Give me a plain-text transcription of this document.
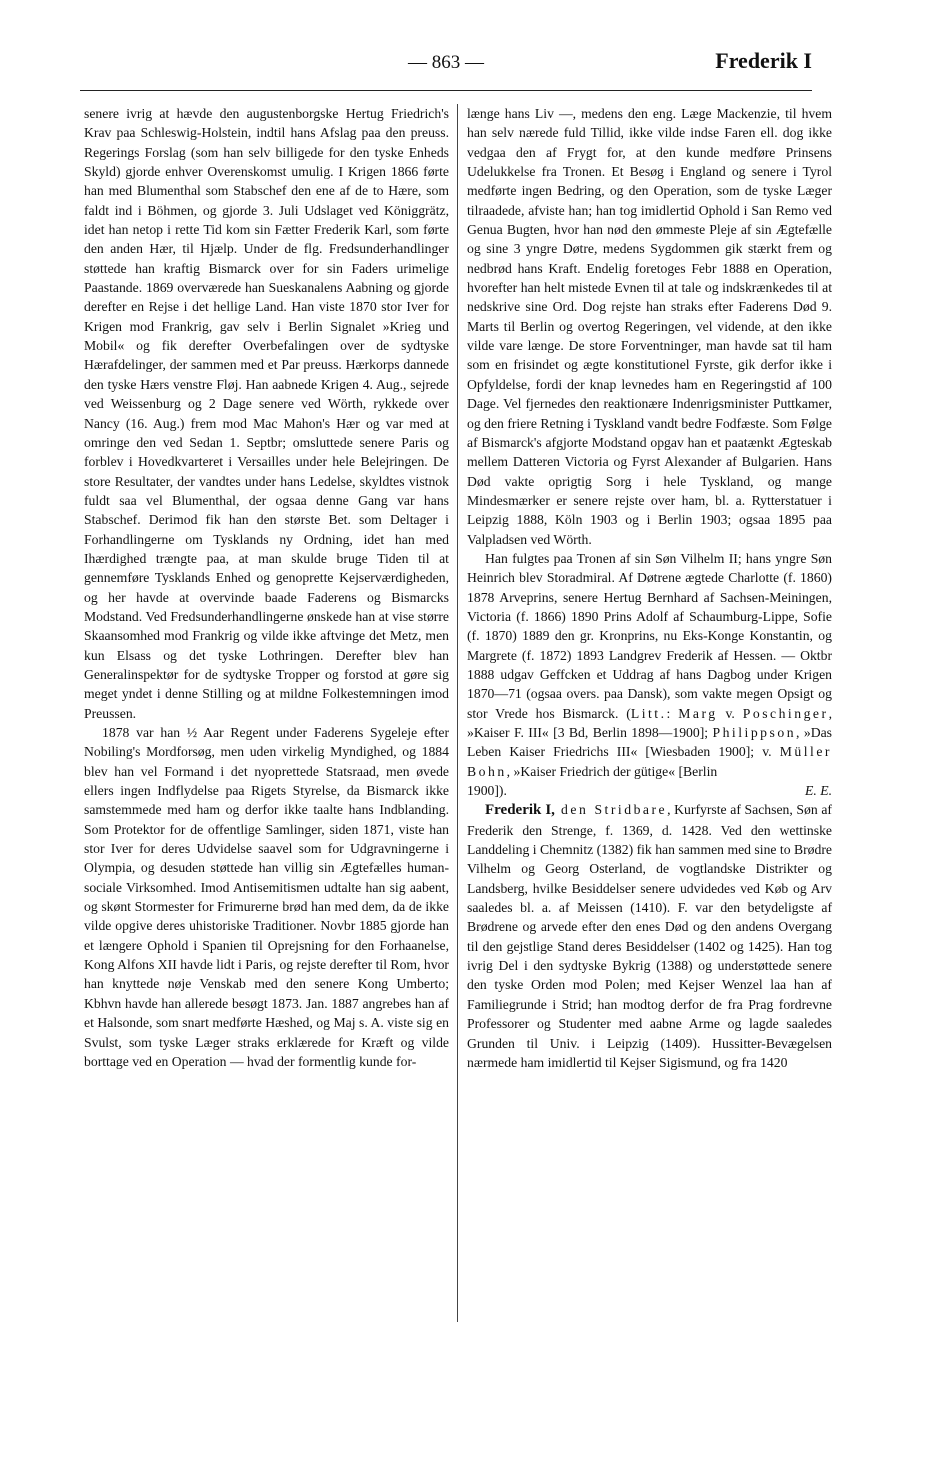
— 863 —	Frederik I

senere ivrig at hævde den augustenborgske Hertug Friedrich's Krav paa Schleswig-Holstein, indtil hans Afslag paa den preuss. Regerings Forslag (som han selv billigede for den tyske Enheds Skyld) gjorde enhver Overenskomst umulig. I Krigen 1866 førte han med Blumenthal som Stabschef den ene af de to Hære, som faldt ind i Böhmen, og gjorde 3. Juli Udslaget ved Königgrätz, idet han netop i rette Tid kom sin Fætter Frederik Karl, som førte den anden Hær, til Hjælp. Under de flg. Fredsunderhandlinger støttede han kraftig Bismarck over for sin Faders urimelige Paastande. 1869 overværede han Sueskanalens Aabning og gjorde derefter en Rejse i det hellige Land. Han viste 1870 stor Iver for Krigen mod Frankrig, gav selv i Berlin Signalet »Krieg und Mobil« og fik derefter Overbefalingen over de sydtyske Hærafdelinger, der sammen med et Par preuss. Hærkorps dannede den tyske Hærs venstre Fløj. Han aabnede Krigen 4. Aug., sejrede ved Weissenburg og 2 Dage senere ved Wörth, rykkede over Nancy (16. Aug.) frem mod Mac Mahon's Hær og var med at omringe den ved Sedan 1. Septbr; omsluttede senere Paris og forblev i Hovedkvarteret i Versailles under hele Belejringen. De store Resultater, der vandtes under hans Ledelse, skyldtes vistnok fuldt saa vel Blumenthal, der ogsaa denne Gang var hans Stabschef. Derimod fik han den største Bet. som Deltager i Forhandlingerne om Tysklands ny Ordning, idet han med Ihærdighed trængte paa, at man skulde bruge Tiden til at gennemføre Tysklands Enhed og genoprette Kejserværdigheden, og her havde at overvinde baade Faderens og Bismarcks Modstand. Ved Fredsunderhandlingerne ønskede han at vise større Skaansomhed mod Frankrig og vilde ikke aftvinge det Metz, men kun Elsass og det tyske Lothringen. Derefter blev han Generalinspektør for de sydtyske Tropper og forstod at gøre sig meget yndet i denne Stilling og at mildne Folkestemningen imod Preussen.

1878 var han ½ Aar Regent under Faderens Sygeleje efter Nobiling's Mordforsøg, men uden virkelig Myndighed, og 1884 blev han vel Formand i det nyoprettede Statsraad, men øvede ellers ingen Indflydelse paa Rigets Styrelse, da Bismarck ikke samstemmede med ham og derfor ikke taalte hans Indblanding. Som Protektor for de offentlige Samlinger, siden 1871, viste han stor Iver for deres Udvidelse saavel som for Udgravningerne i Olympia, og desuden støttede han villig sin Ægtefælles human-sociale Virksomhed. Imod Antisemitismen udtalte han sig aabent, og skønt Stormester for Frimurerne brød han med dem, da de ikke vilde opgive deres uhistoriske Traditioner. Novbr 1885 gjorde han et længere Ophold i Spanien til Oprejsning for den Forhaanelse, Kong Alfons XII havde lidt i Paris, og rejste derefter til Rom, hvor han knyttede nøje Venskab med den senere Kong Umberto; Kbhvn havde han allerede besøgt 1873. Jan. 1887 angrebes han af et Halsonde, som snart medførte Hæshed, og Maj s. A. viste sig en Svulst, som tyske Læger straks erklærede for Kræft og vilde borttage ved en Operation — hvad der formentlig kunde for-

længe hans Liv —, medens den eng. Læge Mackenzie, til hvem han selv nærede fuld Tillid, ikke vilde indse Faren ell. dog ikke vedgaa den af Frygt for, at den kunde medføre Prinsens Udelukkelse fra Tronen. Et Besøg i England og senere i Tyrol medførte ingen Bedring, og den Operation, som de tyske Læger tilraadede, afviste han; han tog imidlertid Ophold i San Remo ved Genua Bugten, hvor han nød den ømmeste Pleje af sin Ægtefælle og sine 3 yngre Døtre, medens Sygdommen gik stærkt frem og nedbrød hans Kraft. Endelig foretoges Febr 1888 en Operation, hvorefter han helt mistede Evnen til at tale og indskrænkedes til at nedskrive sine Ord. Dog rejste han straks efter Faderens Død 9. Marts til Berlin og overtog Regeringen, vel vidende, at den ikke vilde vare længe. De store Forventninger, man havde sat til ham som en frisindet og ægte konstitutionel Fyrste, gik derfor ikke i Opfyldelse, fordi der knap levnedes ham en Regeringstid af 100 Dage. Vel fjernedes den reaktionære Indenrigsminister Puttkamer, og den friere Retning i Tyskland vandt bedre Fodfæste. Som Følge af Bismarck's afgjorte Modstand opgav han et paatænkt Ægteskab mellem Datteren Victoria og Fyrst Alexander af Bulgarien. Hans Død vakte oprigtig Sorg i hele Tyskland, og mange Mindesmærker er senere rejste over ham, bl. a. Rytterstatuer i Leipzig 1888, Köln 1903 og i Berlin 1903; ogsaa 1895 paa Valpladsen ved Wörth.

Han fulgtes paa Tronen af sin Søn Vilhelm II; hans yngre Søn Heinrich blev Storadmiral. Af Døtrene ægtede Charlotte (f. 1860) 1878 Arveprins, senere Hertug Bernhard af Sachsen-Meiningen, Victoria (f. 1866) 1890 Prins Adolf af Schaumburg-Lippe, Sofie (f. 1870) 1889 den gr. Kronprins, nu Eks-Konge Konstantin, og Margrete (f. 1872) 1893 Landgrev Frederik af Hessen. — Oktbr 1888 udgav Geffcken et Uddrag af hans Dagbog under Krigen 1870—71 (ogsaa overs. paa Dansk), som vakte megen Opsigt og stor Vrede hos Bismarck. (Litt.: Marg v. Poschinger, »Kaiser F. III« [3 Bd, Berlin 1898—1900]; Philippson, »Das Leben Kaiser Friedrichs III« [Wiesbaden 1900]; v. Müller Bohn, »Kaiser Friedrich der gütige« [Berlin

1900]).	E. E.

Frederik I, den Stridbare, Kurfyrste af Sachsen, Søn af Frederik den Strenge, f. 1369, d. 1428. Ved den wettinske Landdeling i Chemnitz (1382) fik han sammen med sine to Brødre Vilhelm og Georg Osterland, de vogtlandske Distrikter og Landsberg, hvilke Besiddelser senere udvidedes ved Køb og Arv saaledes bl. a. af Meissen (1410). F. var den betydeligste af Brødrene og arvede efter den enes Død og den andens Overgang til den gejstlige Stand deres Besiddelser (1402 og 1425). Han tog ivrig Del i den sydtyske Bykrig (1388) og understøttede senere den tyske Orden mod Polen; med Kejser Wenzel laa han af Familiegrunde i Strid; han modtog derfor de fra Prag fordrevne Professorer og Studenter med aabne Arme og lagde saaledes Grunden til Univ. i Leipzig (1409). Hussitter-Bevægelsen nærmede ham imidlertid til Kejser Sigismund, og fra 1420
